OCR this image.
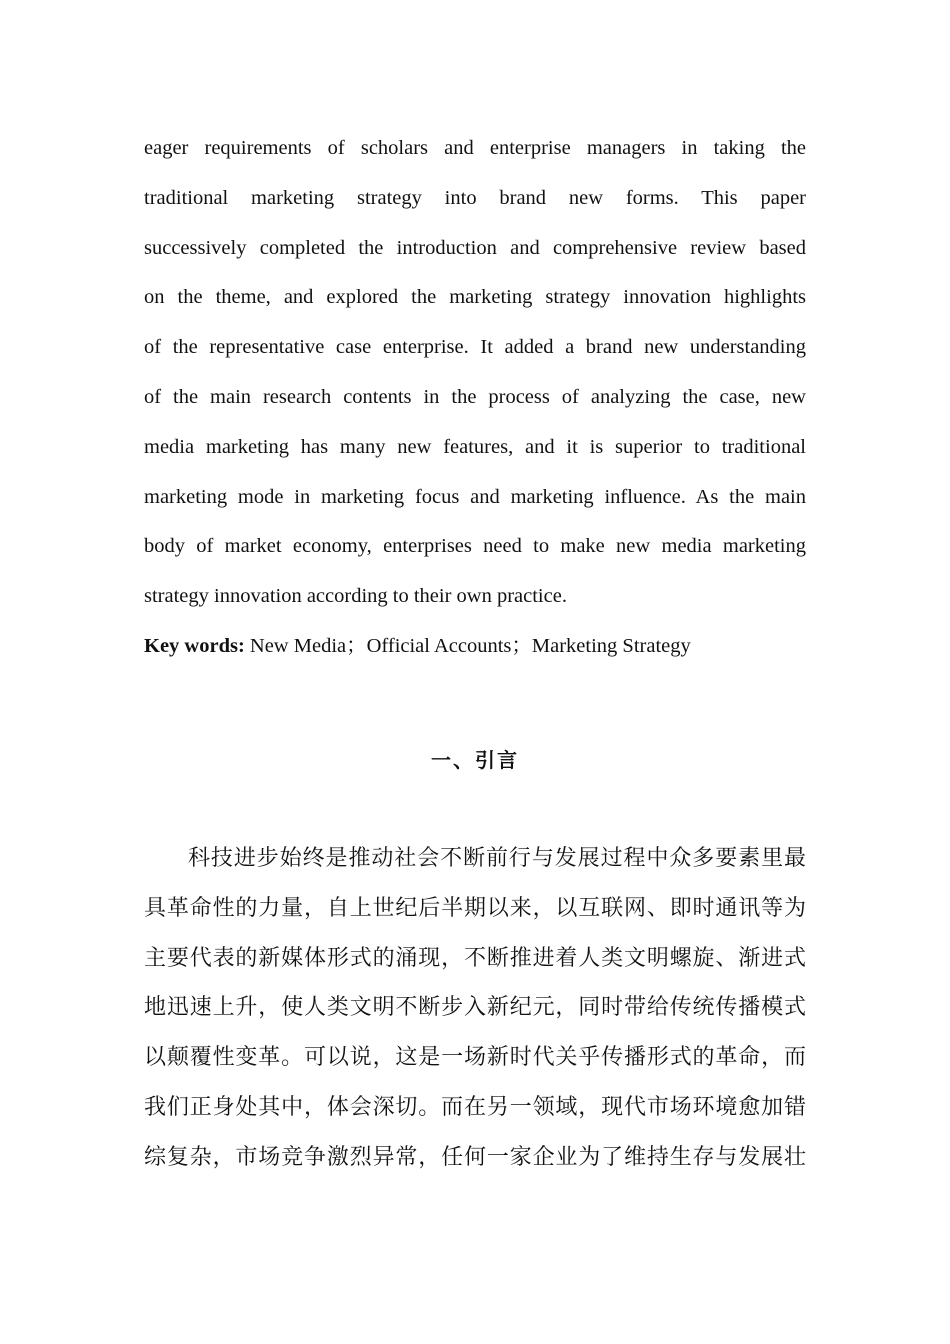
eager requirements of scholars and enterprise managers in taking the
traditional marketing strategy into brand new forms. This paper
successively completed the introduction and comprehensive review based
on the theme, and explored the marketing strategy innovation highlights
of the representative case enterprise. It added a brand new understanding
of the main research contents in the process of analyzing the case, new
media marketing has many new features, and it is superior to traditional
marketing mode in marketing focus and marketing influence. As the main
body of market economy, enterprises need to make new media marketing
strategy innovation according to their own practice.

Key words: New Media；Official Accounts；Marketing Strategy

一、引言
科技进步始终是推动社会不断前行与发展过程中众多要素里最
具革命性的力量，自上世纪后半期以来，以互联网、即时通讯等为
主要代表的新媒体形式的涌现，不断推进着人类文明螺旋、渐进式
地迅速上升，使人类文明不断步入新纪元，同时带给传统传播模式
以颠覆性变革。可以说，这是一场新时代关乎传播形式的革命，而
我们正身处其中，体会深切。而在另一领域，现代市场环境愈加错
综复杂，市场竞争激烈异常，任何一家企业为了维持生存与发展壮
